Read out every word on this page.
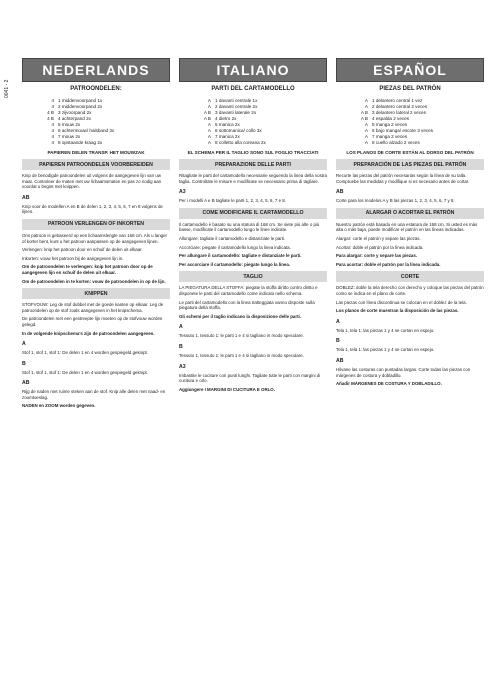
0041 - 2
NEDERLANDS
PATROONDELEN:
4 1 middenvoorpand 1x
4 2 middenvoorpand 2x
4 B 3 zijvoorpand 2x
4 B 4 achterpand 2x
4 5 mouw 2x
4 6 achtermouw/ halsband 3x
4 7 mouw 2x
4 8 opstaande kraag 2x
PAPIEREN DELEN TRANSP. HET MOUWZAK
PAPIEREN PATROONDELEN VOORBEREIDEN
Knip de benodigde patroondelen uit volgens de aangegeven lijn van uw maat. Controleer de maten met uw lichaamsmaten en pas zo nodig aan voordat u begint met knippen.
AB
Knip voor de modellen A en B de delen 1, 2, 3, 4, 5, 6, 7 en 8 volgens de lijnen.
PATROON VERLENGEN OF INKORTEN
Ons patroon is gebaseerd op een lichaamslengte van 168 cm. Als u langer of korter bent, kunt u het patroon aanpassen op de aangegeven lijnen.
Verlengen: knip het patroon door en schuif de delen uit elkaar.
Inkorten: vouw het patroon bij de aangegeven lijn in.
Om de patroondelen te verlengen: knip het patroon door op de aangegeven lijn en schuif de delen uit elkaar.
Om de patroondelen in te korten: vouw de patroondelen in op de lijn.
KNIPPEN
STOFVOUW: Leg de stof dubbel met de goede kanten op elkaar. Leg de patroondelen op de stof zoals aangegeven in het knipschema.
De patroondelen met een gestreepte lijn moeten op de stofvouw worden gelegd.
In de volgende knipschema's zijn de patroondelen aangegeven.
A
Stof 1, stof 1, stof 1: De delen 1 en 4 worden gespiegeld geknipt.
B
Stof 1, stof 1, stof 1: De delen 1 en 4 worden gespiegeld geknipt.
AB
Rijg de naden met ruime steken aan de stof. Knip alle delen met naad- en zoomtoeslag.
NADEN en ZOOM worden gegeven.
ITALIANO
PARTI DEL CARTAMODELLO
A 1 davanti centrale 1x
A 2 davanti centrale 2x
A B 3 davanti laterale 2x
A B 4 dietro 2x
A 5 manica 2x
A 6 sottomanica/ collo 3x
A 7 manica 2x
A 8 colletto alla coreana 2x
EL SCHEMA PER IL TAGLIO SONO SUL FOGLIO TRACCIATI
PREPARAZIONE DELLE PARTI
Ritagliate le parti del cartamodello necessarie seguendo la linea della vostra taglia. Controllate le misure e modificate se necessario prima di tagliare.
A3
Per i modelli A e B tagliate le parti 1, 2, 3, 4, 5, 6, 7 e 8.
COME MODIFICARE IL CARTAMODELLO
Il cartamodello è basato su una statura di 168 cm. Se siete più alte o più basse, modificate il cartamodello lungo le linee indicate.
Allungare: tagliate il cartamodello e distanziate le parti.
Accorciare: piegate il cartamodello lungo la linea indicata.
Per allungare il cartamodello: tagliate e distanziate le parti.
Per accorciare il cartamodello: piegate lungo la linea.
TAGLIO
LA PIEGATURA DELLA STOFFA: piegate la stoffa diritto contro diritto e disponete le parti del cartamodello come indicato nello schema.
Le parti del cartamodello con la linea tratteggiata vanno disposte sulla piegatura della stoffa.
Gli schemi per il taglio indicano la disposizione delle parti.
A
Tessuto 1, tessuto 1: le parti 1 e 4 si tagliano in modo speculare.
B
Tessuto 1, tessuto 1: le parti 1 e 4 si tagliano in modo speculare.
A3
Imbastite le cuciture con punti lunghi. Tagliate tutte le parti con margini di cucitura e orlo.
Aggiungere I MARGINI DI CUCITURA E ORLO.
ESPAÑOL
PIEZAS DEL PATRÓN
A 1 delantero central 1 vez
A 2 delantero central 2 veces
A B 3 delantero lateral 2 veces
A B 4 espalda 2 veces
A 5 manga 2 veces
A 6 bajo manga/ escote 3 veces
A 7 manga 2 veces
A 8 cuello alzado 2 veces
LOS PLANOS DE CORTE ESTÁN AL DORSO DEL PATRÓN
PREPARACIÓN DE LAS PIEZAS DEL PATRÓN
Recorte las piezas del patrón necesarias según la línea de su talla. Compruebe las medidas y modifique si es necesario antes de cortar.
AB
Corte para los modelos A y B las piezas 1, 2, 3, 4, 5, 6, 7 y 8.
ALARGAR O ACORTAR EL PATRÓN
Nuestro patrón está basado en una estatura de 168 cm. Si usted es más alta o más baja, puede modificar el patrón en las líneas indicadas.
Alargar: corte el patrón y separe las piezas.
Acortar: doble el patrón por la línea indicada.
Para alargar: corte y separe las piezas.
Para acortar: doble el patrón por la línea indicada.
CORTE
DOBLEZ: doble la tela derecho con derecho y coloque las piezas del patrón como se indica en el plano de corte.
Las piezas con línea discontinua se colocan en el doblez de la tela.
Los planos de corte muestran la disposición de las piezas.
A
Tela 1, tela 1: las piezas 1 y 4 se cortan en espejo.
B
Tela 1, tela 1: las piezas 1 y 4 se cortan en espejo.
AB
Hilvane las costuras con puntadas largas. Corte todas las piezas con márgenes de costura y dobladillo.
Añadir MÁRGENES DE COSTURA Y DOBLADILLO.
